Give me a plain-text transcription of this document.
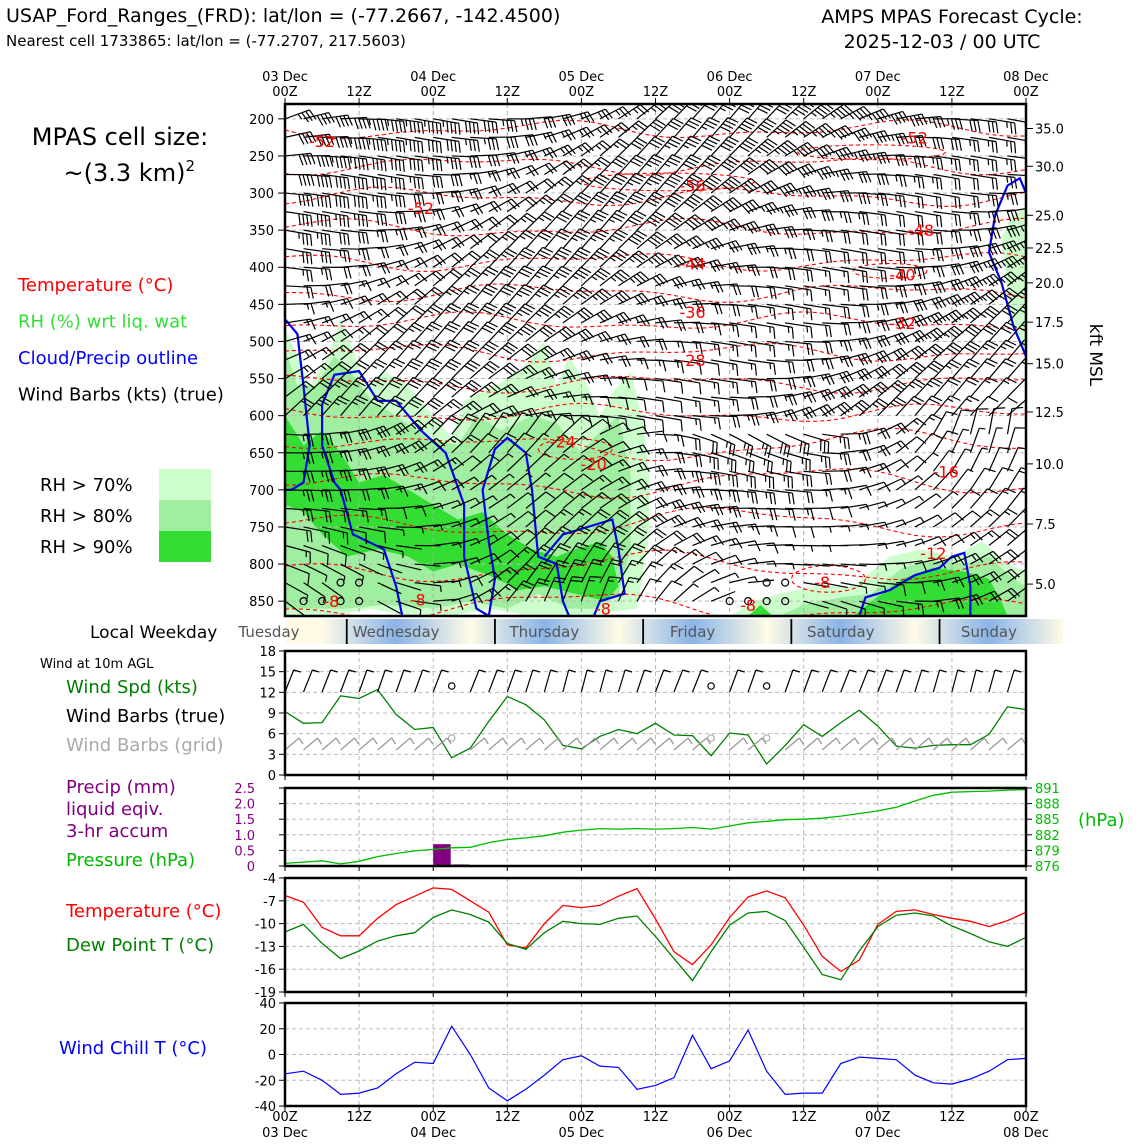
USAP_Ford_Ranges_(FRD): lat/lon = (-77.2667, -142.4500)
Nearest cell 1733865: lat/lon = (-77.2707, 217.5603)
AMPS MPAS Forecast Cycle:
2025-12-03 / 00 UTC
MPAS cell size:
~(3.3 km)$^2$
Temperature (°C)
RH (%) wrt liq. wat
Cloud/Precip outline
Wind Barbs (kts) (true)
RH > 70%
RH > 80%
RH > 90%
-52
-52
-52
-56
-48
-44
-40
-36
-32
-28
-24
-20	-16
-12
-8
-8	-8	-8	-8
03 Dec
00Z	12Z
04 Dec
00Z	12Z
05 Dec
00Z	12Z
06 Dec
00Z	12Z
07 Dec
00Z	12Z
08 Dec
00Z
200
250
300
350
400
450
500
550
600
650
700
750
800
850
35.0
30.0
25.0
22.5
20.0
17.5
15.0
12.5
10.0
7.5
5.0
kft MSL
Local Weekday Tuesday	Wednesday	Thursday	Friday	Saturday	Sunday
Wind at 10m AGL
Wind Spd (kts)
Wind Barbs (true)
Wind Barbs (grid)
Precip (mm)
liquid eqiv.
3-hr accum
Pressure (hPa)
Temperature (°C)
Dew Point T (°C)
Wind Chill T (°C)
0
3
6
9
12
15
18
0
0.5
1.0
1.5
2.0
2.5
876
879
882
885
888
891
(hPa)
-19
-16
-13
-10
-7
-4
-40
-20
0
20
40
00Z
03 Dec
12Z	00Z
04 Dec
12Z	00Z
05 Dec
12Z	00Z
06 Dec
12Z	00Z
07 Dec
12Z	00Z
08 Dec
